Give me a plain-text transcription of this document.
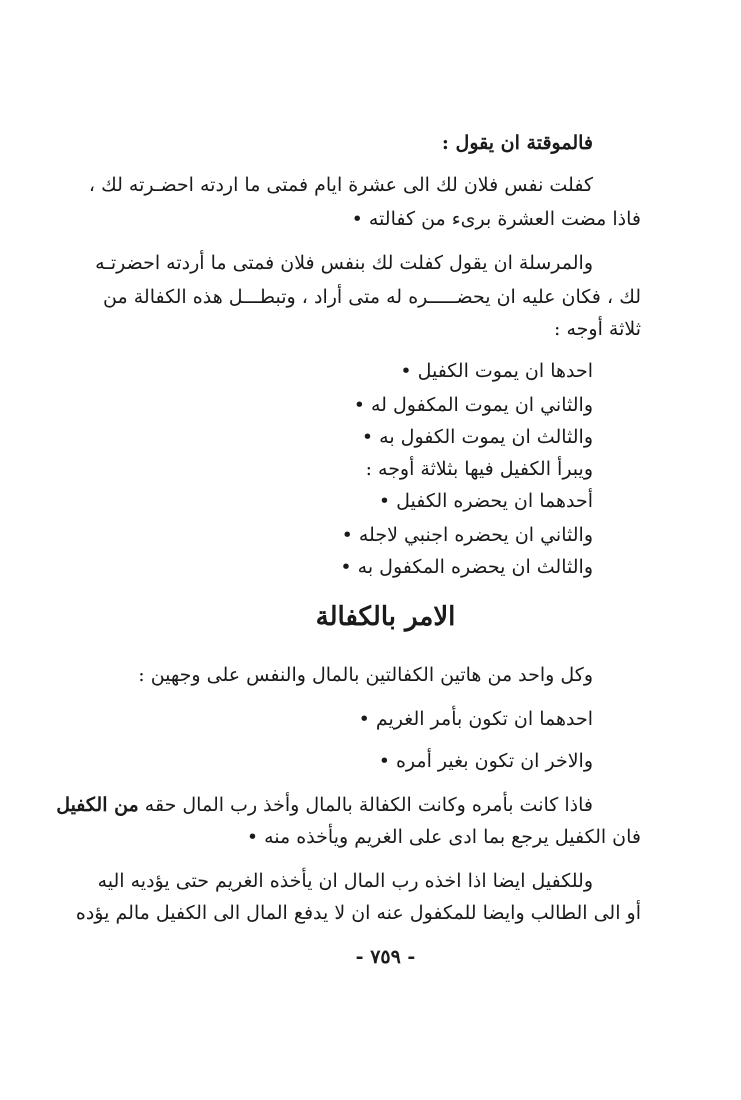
فالموقتة ان يقول :
كفلت نفس فلان لك الى عشرة ايام فمتى ما اردته احضـرته لك ،
فاذا مضت العشرة برىء من كفالته •
والمرسلة ان يقول كفلت لك بنفس فلان فمتى ما أردته احضرتـه
لك ، فكان عليه ان يحضـــــره له متى أراد ، وتبطـــل هذه الكفالة من
ثلاثة أوجه :
احدها ان يموت الكفيل •
والثاني ان يموت المكفول له •
والثالث ان يموت الكفول به •
ويبرأ الكفيل فيها بثلاثة أوجه :
أحدهما ان يحضره الكفيل •
والثاني ان يحضره اجنبي لاجله •
والثالث ان يحضره المكفول به •
الامر بالكفالة
وكل واحد من هاتين الكفالتين بالمال والنفس على وجهين :
احدهما ان تكون بأمر الغريم •
والاخر ان تكون بغير أمره •
فاذا كانت بأمره وكانت الكفالة بالمال وأخذ رب المال حقه من الكفيل
فان الكفيل يرجع بما ادى على الغريم ويأخذه منه •
وللكفيل ايضا اذا اخذه رب المال ان يأخذه الغريم حتى يؤديه اليه
أو الى الطالب وايضا للمكفول عنه ان لا يدفع المال الى الكفيل مالم يؤده
- ٧٥٩ -
